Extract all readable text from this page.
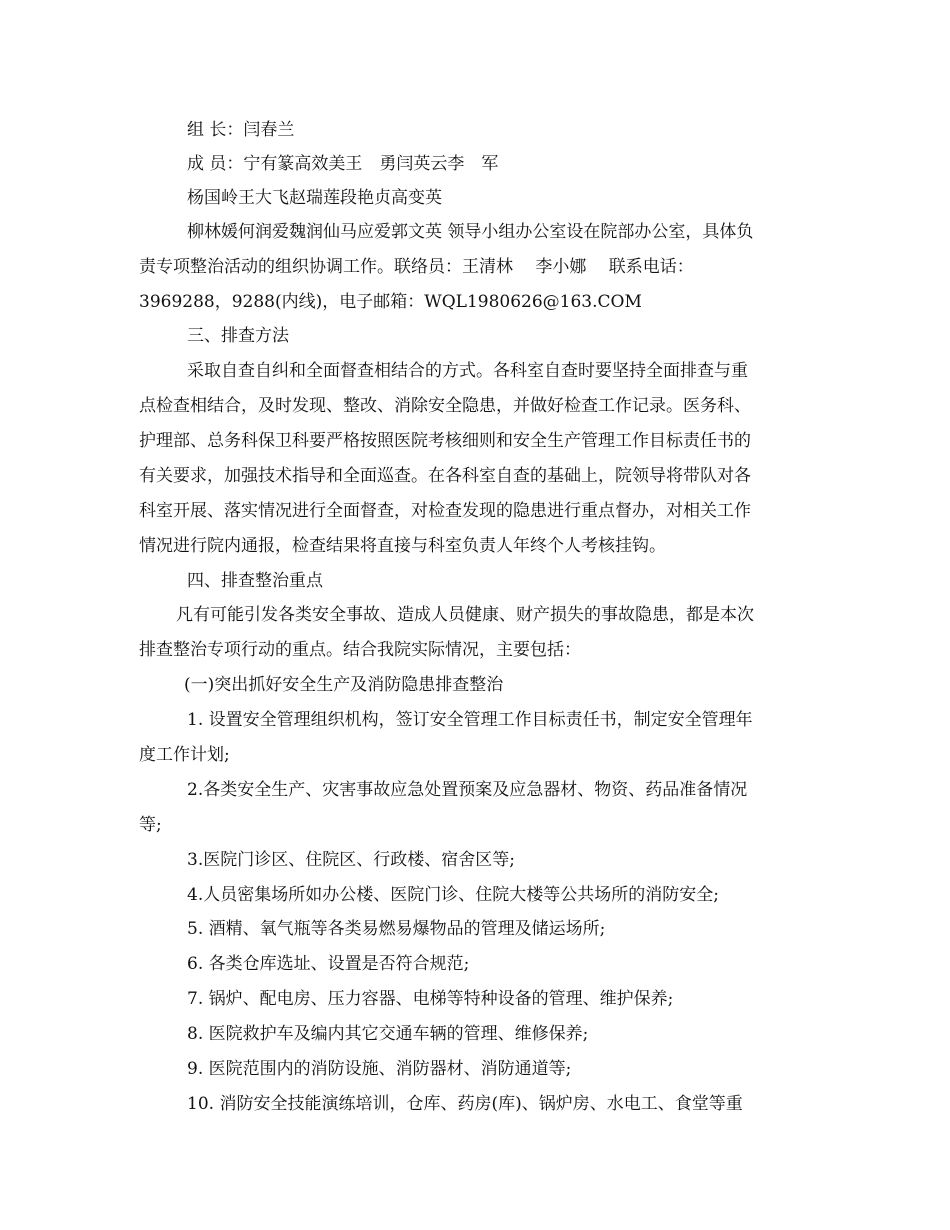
组 长：闫春兰

成 员：宁有篆高效美王　勇闫英云李　军

杨国岭王大飞赵瑞莲段艳贞高变英

柳林媛何润爱魏润仙马应爱郭文英 领导小组办公室设在院部办公室，具体负

责专项整治活动的组织协调工作。联络员：王清林　 李小娜　 联系电话：

3969288，9288(内线)，电子邮箱：WQL1980626@163.COM

三、排查方法

采取自查自纠和全面督查相结合的方式。各科室自查时要坚持全面排查与重

点检查相结合，及时发现、整改、消除安全隐患，并做好检查工作记录。医务科、

护理部、总务科保卫科要严格按照医院考核细则和安全生产管理工作目标责任书的

有关要求，加强技术指导和全面巡查。在各科室自查的基础上，院领导将带队对各

科室开展、落实情况进行全面督查，对检查发现的隐患进行重点督办，对相关工作

情况进行院内通报，检查结果将直接与科室负责人年终个人考核挂钩。

四、排查整治重点

凡有可能引发各类安全事故、造成人员健康、财产损失的事故隐患，都是本次

排查整治专项行动的重点。结合我院实际情况，主要包括：

(一)突出抓好安全生产及消防隐患排查整治

1. 设置安全管理组织机构，签订安全管理工作目标责任书，制定安全管理年

度工作计划;

2.各类安全生产、灾害事故应急处置预案及应急器材、物资、药品准备情况

等;

3.医院门诊区、住院区、行政楼、宿舍区等;

4.人员密集场所如办公楼、医院门诊、住院大楼等公共场所的消防安全;

5. 酒精、氧气瓶等各类易燃易爆物品的管理及储运场所;

6. 各类仓库选址、设置是否符合规范;

7. 锅炉、配电房、压力容器、电梯等特种设备的管理、维护保养;

8. 医院救护车及编内其它交通车辆的管理、维修保养;

9. 医院范围内的消防设施、消防器材、消防通道等;

10. 消防安全技能演练培训，仓库、药房(库)、锅炉房、水电工、食堂等重
